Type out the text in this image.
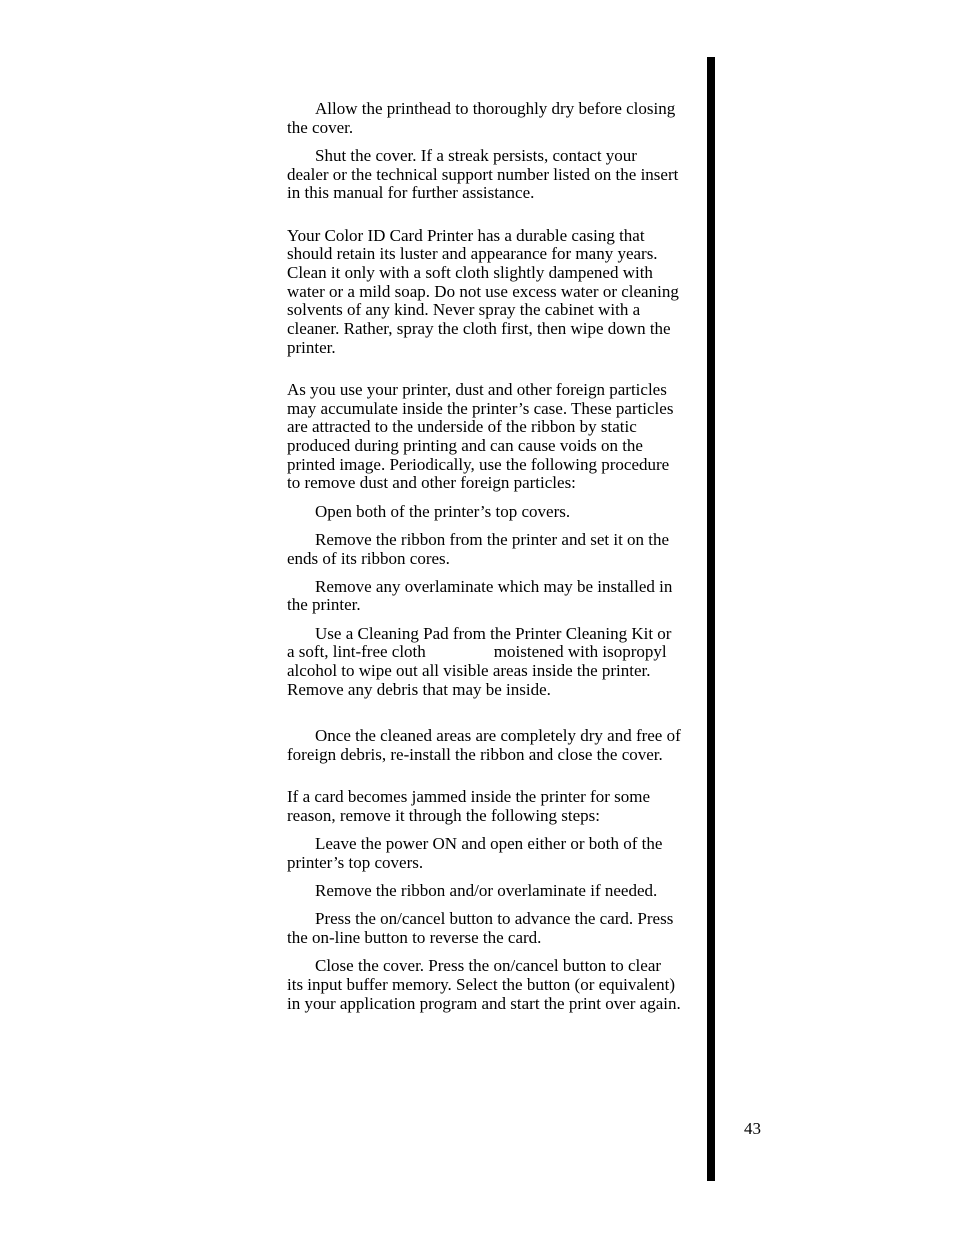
Allow the printhead to thoroughly dry before closing the cover.

Shut the cover. If a streak persists, contact your dealer or the technical support number listed on the insert in this manual for further assistance.

Your Color ID Card Printer has a durable casing that should retain its luster and appearance for many years. Clean it only with a soft cloth slightly dampened with water or a mild soap. Do not use excess water or cleaning solvents of any kind. Never spray the cabinet with a cleaner. Rather, spray the cloth first, then wipe down the printer.

As you use your printer, dust and other foreign particles may accumulate inside the printer’s case. These particles are attracted to the underside of the ribbon by static produced during printing and can cause voids on the printed image. Periodically, use the following procedure to remove dust and other foreign particles:

Open both of the printer’s top covers.

Remove the ribbon from the printer and set it on the ends of its ribbon cores.

Remove any overlaminate which may be installed in the printer.

Use a Cleaning Pad from the Printer Cleaning Kit or a soft, lint-free cloth                moistened with isopropyl alcohol to wipe out all visible areas inside the printer. Remove any debris that may be inside.

Once the cleaned areas are completely dry and free of foreign debris, re-install the ribbon and close the cover.

If a card becomes jammed inside the printer for some reason, remove it through the following steps:

Leave the power ON and open either or both of the printer’s top covers.

Remove the ribbon and/or overlaminate if needed.

Press the on/cancel button to advance the card. Press the on-line button to reverse the card.

Close the cover. Press the on/cancel button to clear its input buffer memory. Select the button (or equivalent) in your application program and start the print over again.

43
